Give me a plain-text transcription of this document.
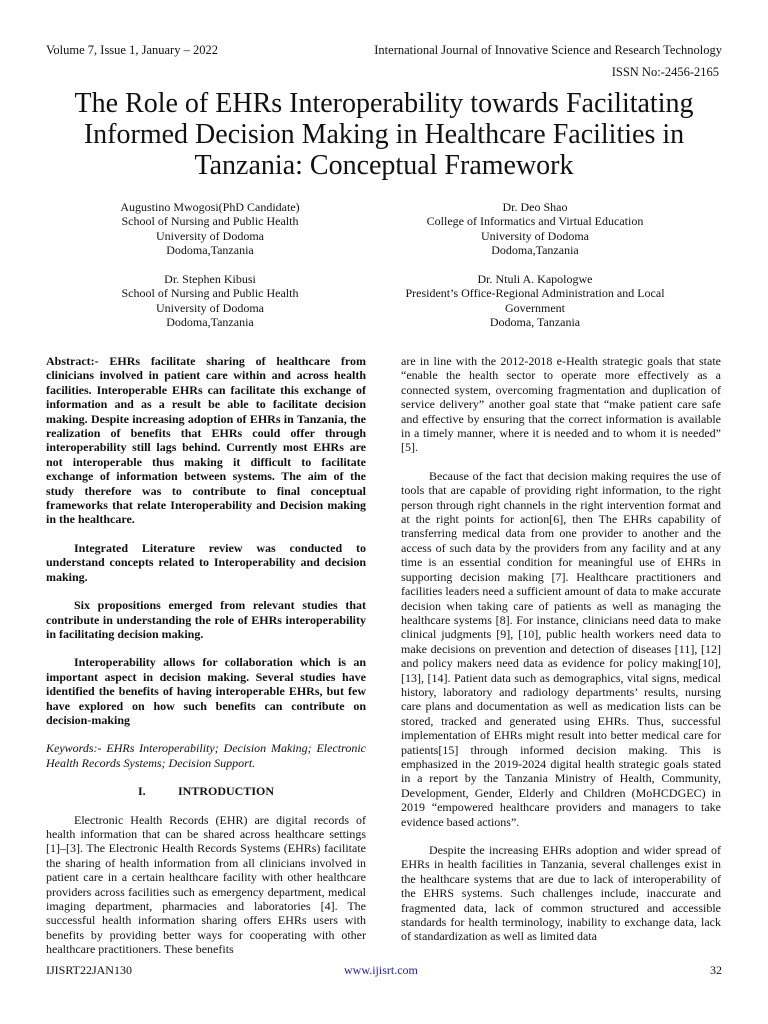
Volume 7, Issue 1, January – 2022	International Journal of Innovative Science and Research Technology
ISSN No:-2456-2165
The Role of EHRs Interoperability towards Facilitating Informed Decision Making in Healthcare Facilities in Tanzania: Conceptual Framework
Augustino Mwogosi(PhD Candidate)
School of Nursing and Public Health
University of Dodoma
Dodoma,Tanzania
Dr. Deo Shao
College of Informatics and Virtual Education
University of Dodoma
Dodoma,Tanzania
Dr. Stephen Kibusi
School of Nursing and Public Health
University of Dodoma
Dodoma,Tanzania
Dr. Ntuli A. Kapologwe
President’s Office-Regional Administration and Local
Government
Dodoma, Tanzania

Abstract:- EHRs facilitate sharing of healthcare from clinicians involved in patient care within and across health facilities. Interoperable EHRs can facilitate this exchange of information and as a result be able to facilitate decision making. Despite increasing adoption of EHRs in Tanzania, the realization of benefits that EHRs could offer through interoperability still lags behind. Currently most EHRs are not interoperable thus making it difficult to facilitate exchange of information between systems. The aim of the study therefore was to contribute to final conceptual frameworks that relate Interoperability and Decision making in the healthcare.

Integrated Literature review was conducted to understand concepts related to Interoperability and decision making.

Six propositions emerged from relevant studies that contribute in understanding the role of EHRs interoperability in facilitating decision making.

Interoperability allows for collaboration which is an important aspect in decision making. Several studies have identified the benefits of having interoperable EHRs, but few have explored on how such benefits can contribute on decision-making

Keywords:- EHRs Interoperability; Decision Making; Electronic Health Records Systems; Decision Support.

I.	INTRODUCTION

Electronic Health Records (EHR) are digital records of health information that can be shared across healthcare settings [1]–[3]. The Electronic Health Records Systems (EHRs) facilitate the sharing of health information from all clinicians involved in patient care in a certain healthcare facility with other healthcare providers across facilities such as emergency department, medical imaging department, pharmacies and laboratories [4]. The successful health information sharing offers EHRs users with benefits by providing better ways for cooperating with other healthcare practitioners. These benefits

are in line with the 2012-2018 e-Health strategic goals that state “enable the health sector to operate more effectively as a connected system, overcoming fragmentation and duplication of service delivery” another goal state that “make patient care safe and effective by ensuring that the correct information is available in a timely manner, where it is needed and to whom it is needed” [5].

Because of the fact that decision making requires the use of tools that are capable of providing right information, to the right person through right channels in the right intervention format and at the right points for action[6], then The EHRs capability of transferring medical data from one provider to another and the access of such data by the providers from any facility and at any time is an essential condition for meaningful use of EHRs in supporting decision making [7]. Healthcare practitioners and facilities leaders need a sufficient amount of data to make accurate decision when taking care of patients as well as managing the healthcare systems [8]. For instance, clinicians need data to make clinical judgments [9], [10], public health workers need data to make decisions on prevention and detection of diseases [11], [12] and policy makers need data as evidence for policy making[10], [13], [14]. Patient data such as demographics, vital signs, medical history, laboratory and radiology departments’ results, nursing care plans and documentation as well as medication lists can be stored, tracked and generated using EHRs. Thus, successful implementation of EHRs might result into better medical care for patients[15] through informed decision making. This is emphasized in the 2019-2024 digital health strategic goals stated in a report by the Tanzania Ministry of Health, Community, Development, Gender, Elderly and Children (MoHCDGEC) in 2019 “empowered healthcare providers and managers to take evidence based actions”.

Despite the increasing EHRs adoption and wider spread of EHRs in health facilities in Tanzania, several challenges exist in the healthcare systems that are due to lack of interoperability of the EHRS systems. Such challenges include, inaccurate and fragmented data, lack of common structured and accessible standards for health terminology, inability to exchange data, lack of standardization as well as limited data

IJISRT22JAN130	www.ijisrt.com	32
